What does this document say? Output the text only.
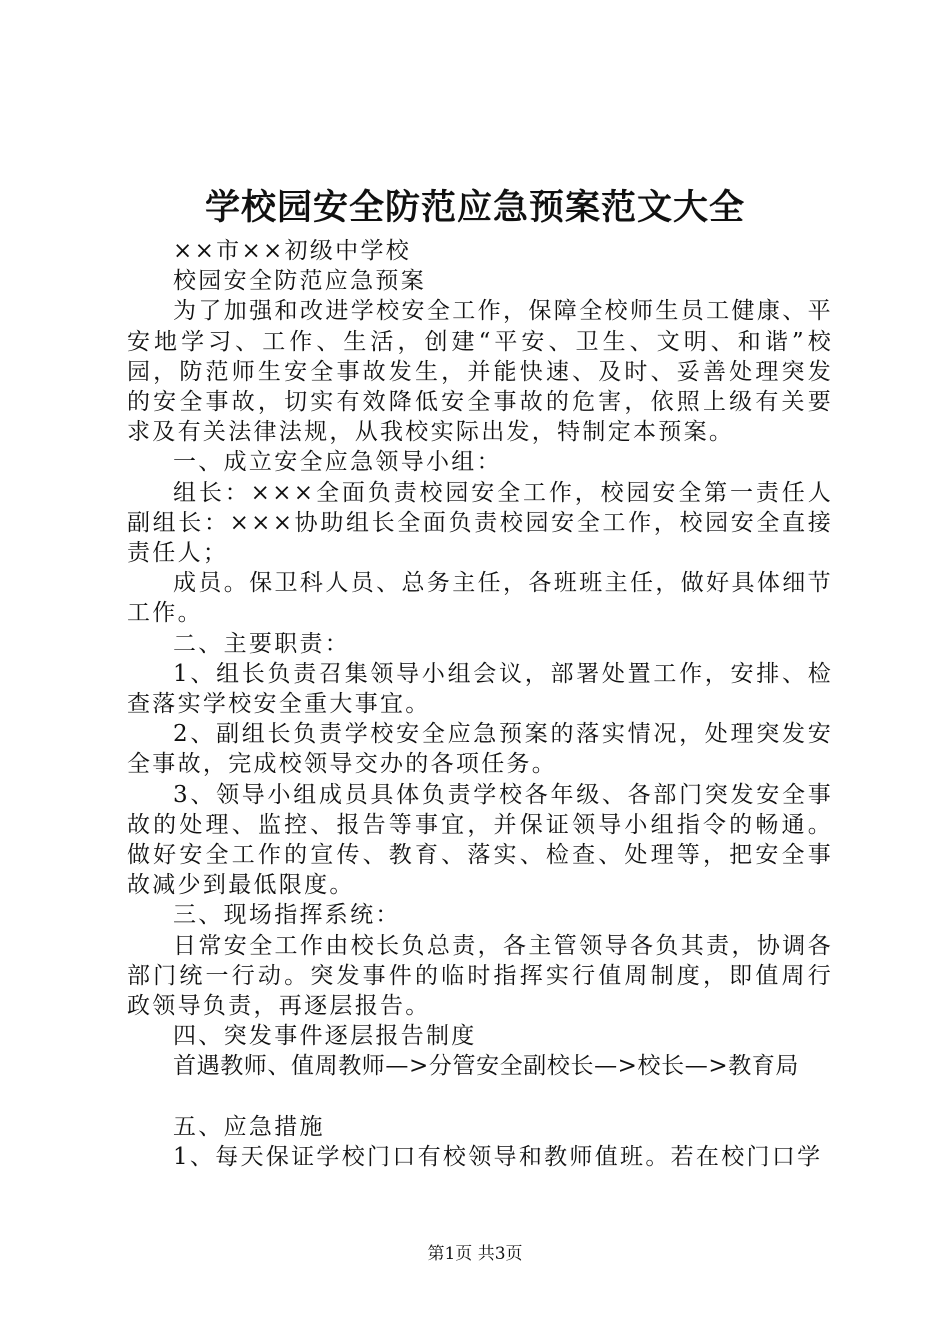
学校园安全防范应急预案范文大全

××市××初级中学校

校园安全防范应急预案

为了加强和改进学校安全工作，保障全校师生员工健康、平安地学习、工作、生活，创建“平安、卫生、文明、和谐”校园，防范师生安全事故发生，并能快速、及时、妥善处理突发的安全事故，切实有效降低安全事故的危害，依照上级有关要求及有关法律法规，从我校实际出发，特制定本预案。

一、成立安全应急领导小组：

组长：×××全面负责校园安全工作，校园安全第一责任人副组长：×××协助组长全面负责校园安全工作，校园安全直接责任人；

成员。保卫科人员、总务主任，各班班主任，做好具体细节工作。

二、主要职责：

1、组长负责召集领导小组会议，部署处置工作，安排、检查落实学校安全重大事宜。

2、副组长负责学校安全应急预案的落实情况，处理突发安全事故，完成校领导交办的各项任务。

3、领导小组成员具体负责学校各年级、各部门突发安全事故的处理、监控、报告等事宜，并保证领导小组指令的畅通。做好安全工作的宣传、教育、落实、检查、处理等，把安全事故减少到最低限度。

三、现场指挥系统：

日常安全工作由校长负总责，各主管领导各负其责，协调各部门统一行动。突发事件的临时指挥实行值周制度，即值周行政领导负责，再逐层报告。

四、突发事件逐层报告制度

首遇教师、值周教师—>分管安全副校长—>校长—>教育局

五、应急措施

1、每天保证学校门口有校领导和教师值班。若在校门口学

第1页 共3页
